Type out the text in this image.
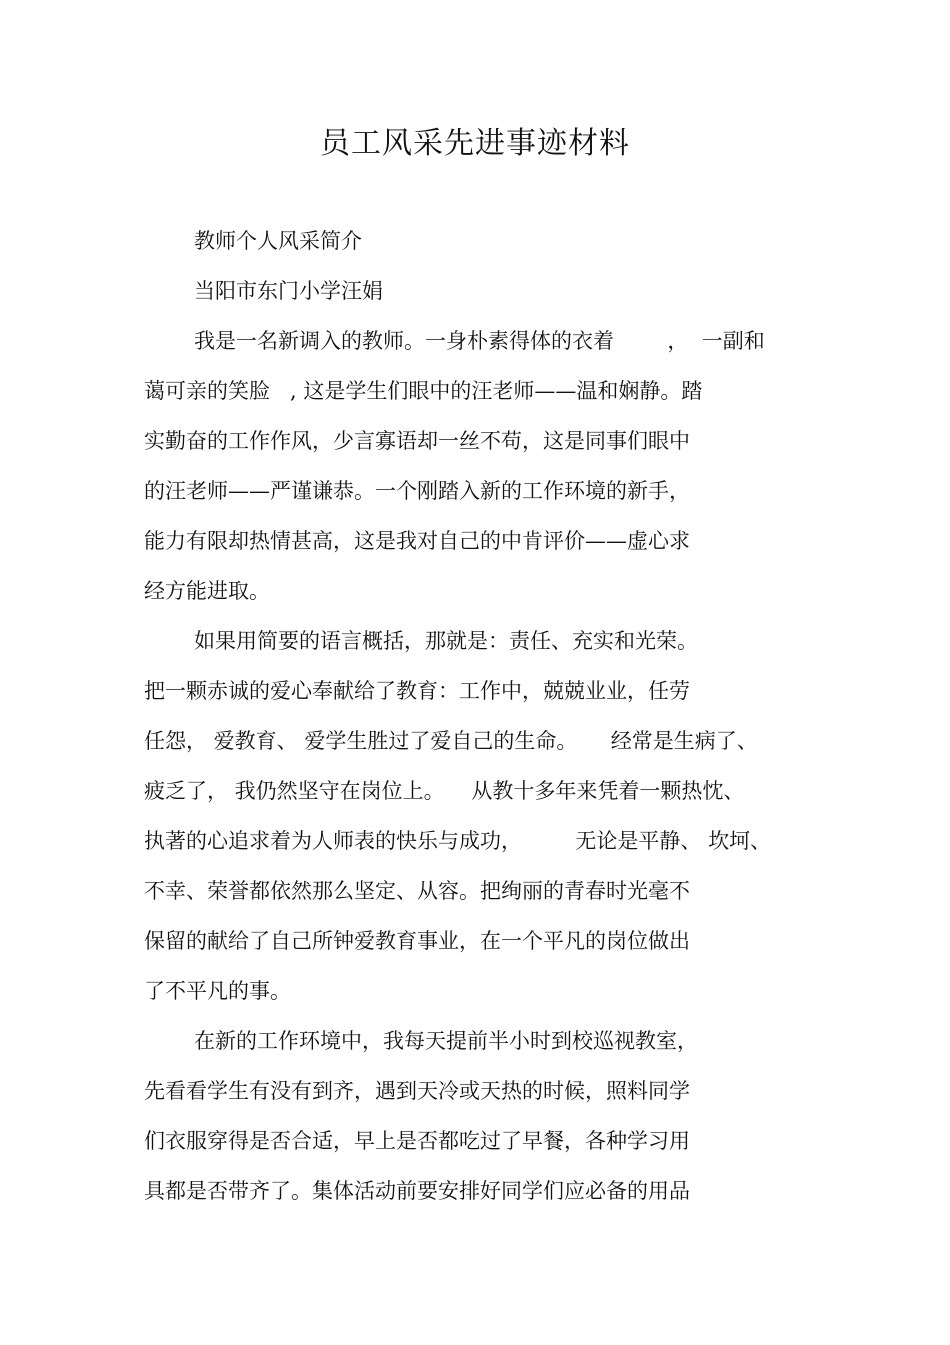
员工风采先进事迹材料
教师个人风采简介
当阳市东门小学汪娟
我是一名新调入的教师。一身朴素得体的衣着        ，  一副和
蔼可亲的笑脸   , 这是学生们眼中的汪老师——温和娴静。踏
实勤奋的工作作风，少言寡语却一丝不苟，这是同事们眼中
的汪老师——严谨谦恭。一个刚踏入新的工作环境的新手，
能力有限却热情甚高，这是我对自己的中肯评价——虚心求
经方能进取。
如果用简要的语言概括，那就是：责任、充实和光荣。
把一颗赤诚的爱心奉献给了教育：工作中，兢兢业业，任劳
任怨， 爱教育、 爱学生胜过了爱自己的生命。     经常是生病了、
疲乏了， 我仍然坚守在岗位上。    从教十多年来凭着一颗热忱、
执著的心追求着为人师表的快乐与成功，        无论是平静、 坎坷、
不幸、荣誉都依然那么坚定、从容。把绚丽的青春时光毫不
保留的献给了自己所钟爱教育事业，在一个平凡的岗位做出
了不平凡的事。
在新的工作环境中，我每天提前半小时到校巡视教室，
先看看学生有没有到齐，遇到天冷或天热的时候，照料同学
们衣服穿得是否合适，早上是否都吃过了早餐，各种学习用
具都是否带齐了。集体活动前要安排好同学们应必备的用品
